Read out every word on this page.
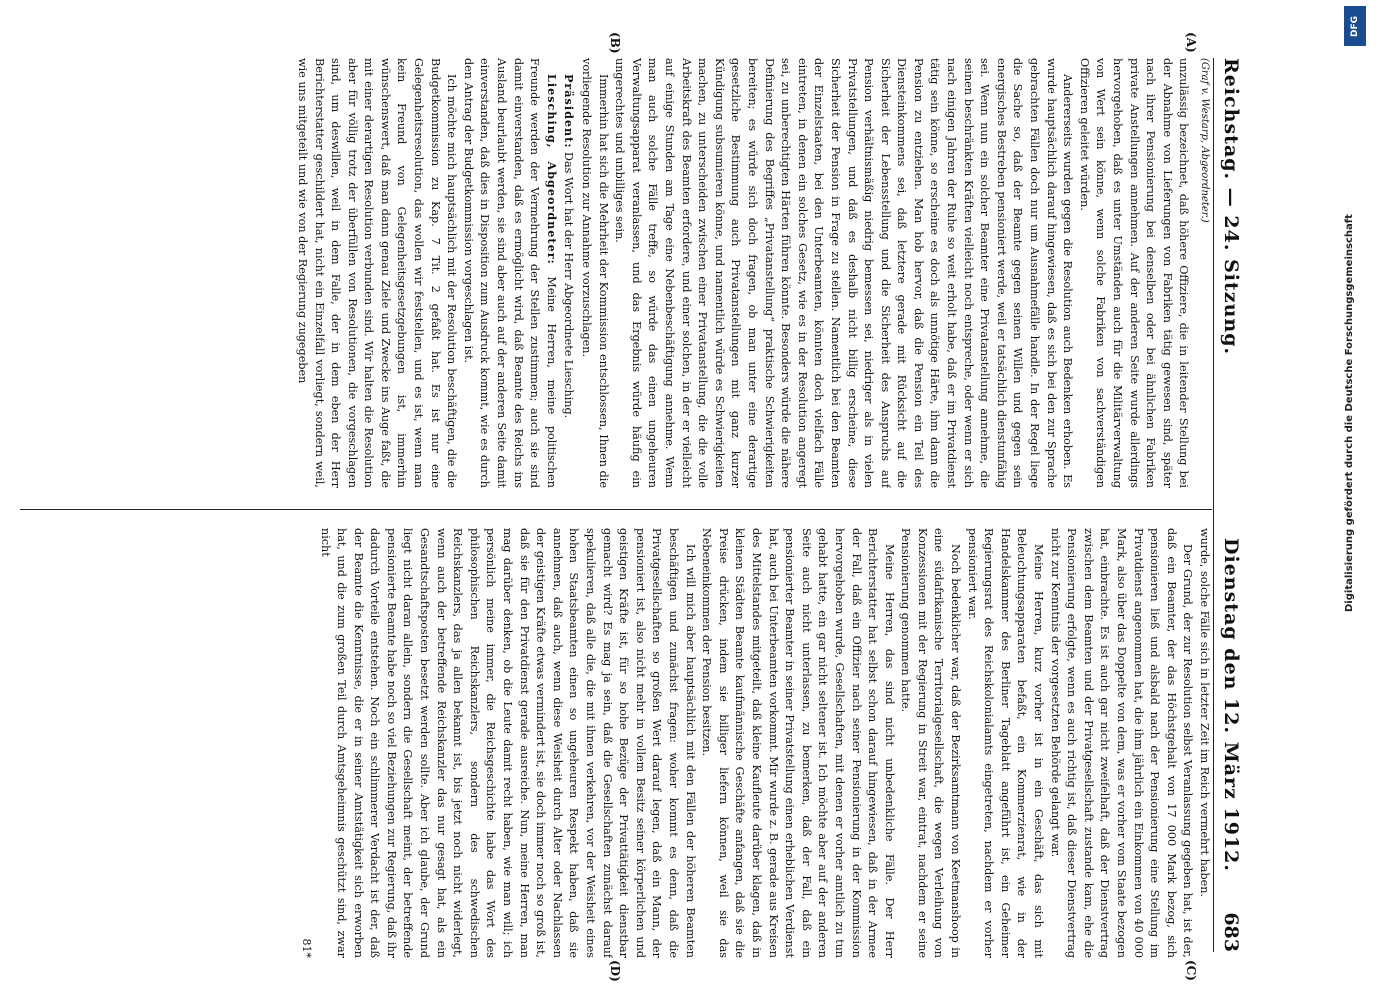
Reichstag. — 24. Sitzung.
Dienstag den 12. März 1912.
683
(Graf v. Westarp, Abgeordneter.)

unzulässig bezeichnet, daß höhere Offiziere, die in leitender Stellung bei der Abnahme von Lieferungen von Fabriken tätig gewesen sind, später nach ihrer Pensionierung bei denselben oder bei ähnlichen Fabriken private Anstellungen annehmen. Auf der anderen Seite wurde allerdings hervorgehoben, daß es unter Umständen auch für die Militärverwaltung von Wert sein könne, wenn solche Fabriken von sachverständigen Offizieren geleitet würden.

Andererseits wurden gegen die Resolution auch Bedenken erhoben. Es wurde hauptsächlich darauf hingewiesen, daß es sich bei den zur Sprache gebrachten Fällen doch nur um Ausnahmefälle handle. In der Regel liege die Sache so, daß der Beamte gegen seinen Willen und gegen sein energisches Bestreben pensioniert werde, weil er tatsächlich dienstunfähig sei. Wenn nun ein solcher Beamter eine Privatanstellung annehme, die seinen beschränkten Kräften vielleicht noch entspreche, oder wenn er sich nach einigen Jahren der Ruhe so weit erholt habe, daß er im Privatdienst tätig sein könne, so erscheine es doch als unnötige Härte, ihm dann die Pension zu entziehen. Man hob hervor, daß die Pension ein Teil des Diensteinkommens sei, daß letztere gerade mit Rücksicht auf die Sicherheit der Lebensstellung und die Sicherheit des Anspruchs auf Pension verhältnismäßig niedrig bemessen sei, niedriger als in vielen Privatstellungen, und daß es deshalb nicht billig erscheine, diese Sicherheit der Pension in Frage zu stellen. Namentlich bei den Beamten der Einzelstaaten, bei den Unterbeamten, könnten doch vielfach Fälle eintreten, in denen ein solches Gesetz, wie es in der Resolution angeregt sei, zu unberechtigten Härten führen könnte. Besonders würde die nähere Definierung des Begriffes „Privatanstellung“ praktische Schwierigkeiten bereiten; es würde sich doch fragen, ob man unter eine derartige gesetzliche Bestimmung auch Privatanstellungen mit ganz kurzer Kündigung subsumieren könne, und namentlich würde es Schwierigkeiten machen, zu unterscheiden zwischen einer Privatanstellung, die die volle Arbeitskraft des Beamten erfordere, und einer solchen, in der er vielleicht auf einige Stunden am Tage eine Nebenbeschäftigung annehme. Wenn man auch solche Fälle treffe, so würde das einen ungeheuren Verwaltungsapparat veranlassen, und das Ergebnis würde häufig ein ungerechtes und unbilliges sein.

Immerhin hat sich die Mehrheit der Kommission entschlossen, Ihnen die vorliegende Resolution zur Annahme vorzuschlagen.

Präsident: Das Wort hat der Herr Abgeordnete Liesching.

Liesching, Abgeordneter: Meine Herren, meine politischen Freunde werden der Vermehrung der Stellen zustimmen; auch sie sind damit einverstanden, daß es ermöglicht wird, daß Beamte des Reichs ins Ausland beurlaubt werden, sie sind aber auch auf der anderen Seite damit einverstanden, daß dies in Disposition zum Ausdruck kommt, wie es durch den Antrag der Budgetkommission vorgeschlagen ist.

Ich möchte mich hauptsächlich mit der Resolution beschäftigen, die die Budgetkommission zu Kap. 7 Tit. 2 gefaßt hat. Es ist nur eine Gelegenheitsresolution, das wollen wir feststellen, und es ist, wenn man kein Freund von Gelegenheitsgesetzgebungen ist, immerhin wünschenswert, daß man dann genau Ziele und Zwecke ins Auge faßt, die mit einer derartigen Resolution verbunden sind. Wir halten die Resolution aber für völlig trotz der überfüllen von Resolutionen, die vorgeschlagen sind, um deswillen, weil in dem Falle, der in dem eben der Herr Berichterstatter geschildert hat, nicht ein Einzelfall vorliegt, sondern weil, wie uns mitgeteilt und wie von der Regierung zugegeben

wurde, solche Fälle sich in letzter Zeit im Reich vermehrt haben.

Der Grund, der zur Resolution selbst Veranlassung gegeben hat, ist der, daß ein Beamter, der das Höchstgehalt von 17 000 Mark bezog, sich pensionieren ließ und alsbald nach der Pensionierung eine Stellung im Privatdienst angenommen hat, die ihm jährlich ein Einkommen von 40 000 Mark, also über das Doppelte von dem, was er vorher vom Staate bezogen hat, einbrachte. Es ist auch gar nicht zweifelhaft, daß der Dienstvertrag zwischen dem Beamten und der Privatgesellschaft zustande kam, ehe die Pensionierung erfolgte, wenn es auch richtig ist, daß dieser Dienstvertrag nicht zur Kenntnis der vorgesetzten Behörde gelangt war.

Meine Herren, kurz vorher ist in ein Geschäft, das sich mit Beleuchtungsapparaten befaßt, ein Kommerzienrat, wie in der Handelskammer des Berliner Tageblatt angeführt ist, ein Geheimer Regierungsrat des Reichskolonialamts eingetreten, nachdem er vorher pensioniert war.

Noch bedenklicher war, daß der Bezirksamtmann von Keetmanshoop in eine südafrikanische Territorialgesellschaft, die wegen Verleihung von Konzessionen mit der Regierung in Streit war, eintrat, nachdem er seine Pensionierung genommen hatte.

Meine Herren, das sind nicht unbedenkliche Fälle. Der Herr Berichterstatter hat selbst schon darauf hingewiesen, daß in der Armee der Fall, daß ein Offizier nach seiner Pensionierung in der Kommission hervorgehoben wurde, Gesellschaften, mit denen er vorher amtlich zu tun gehabt hatte, ein gar nicht seltener ist. Ich möchte aber auf der anderen Seite auch nicht unterlassen, zu bemerken, daß der Fall, daß ein pensionierter Beamter in seiner Privatstellung einen erheblichen Verdienst hat, auch bei Unterbeamten vorkommt. Mir wurde z. B. gerade aus Kreisen des Mittelstandes mitgeteilt, daß kleine Kaufleute darüber klagen, daß in kleinen Städten Beamte kaufmännische Geschäfte anfangen, daß sie die Preise drücken, indem sie billiger liefern können, weil sie das Nebeneinkommen der Pension besitzen.

Ich will mich aber hauptsächlich mit den Fällen der höheren Beamten beschäftigen und zunächst fragen: woher kommt es denn, daß die Privatgesellschaften so großen Wert darauf legen, daß ein Mann, der pensioniert ist, also nicht mehr in vollem Besitz seiner körperlichen und geistigen Kräfte ist, für so hohe Bezüge der Privattätigkeit dienstbar gemacht wird? Es mag ja sein, daß die Gesellschaften zunächst darauf spekulieren, daß alle die, die mit ihnen verkehren, vor der Weisheit eines hohen Staatsbeamten einen so ungeheuren Respekt haben, daß sie annehmen, daß auch, wenn diese Weisheit durch Alter oder Nachlassen der geistigen Kräfte etwas vermindert ist, sie doch immer noch so groß ist, daß sie für den Privatdienst gerade ausreiche. Nun, meine Herren, man mag darüber denken, ob die Leute damit recht haben, wie man will; ich persönlich meine immer, die Reichsgeschichte habe das Wort des philosophischen Reichskanzlers, sondern des schwedischen Reichskanzlers, das ja allen bekannt ist, bis jetzt noch nicht widerlegt, wenn auch der betreffende Reichskanzler das nur gesagt hat, als ein Gesandtschaftsposten besetzt werden sollte. Aber ich glaube, der Grund liegt nicht daran allein, sondern die Gesellschaft meint, der betreffende pensionierte Beamte habe noch so viel Beziehungen zur Regierung, daß ihr dadurch Vorteile entstehen. Noch ein schlimmerer Verdacht ist der, daß der Beamte die Kenntnisse, die er in seiner Amtstätigkeit sich erworben hat, und die zum großen Teil durch Amtsgeheimnis geschützt sind, zwar nicht

81*
(A)
(B)
(C)
(D)
DFG
Digitalisierung gefördert durch die Deutsche Forschungsgemeinschaft
